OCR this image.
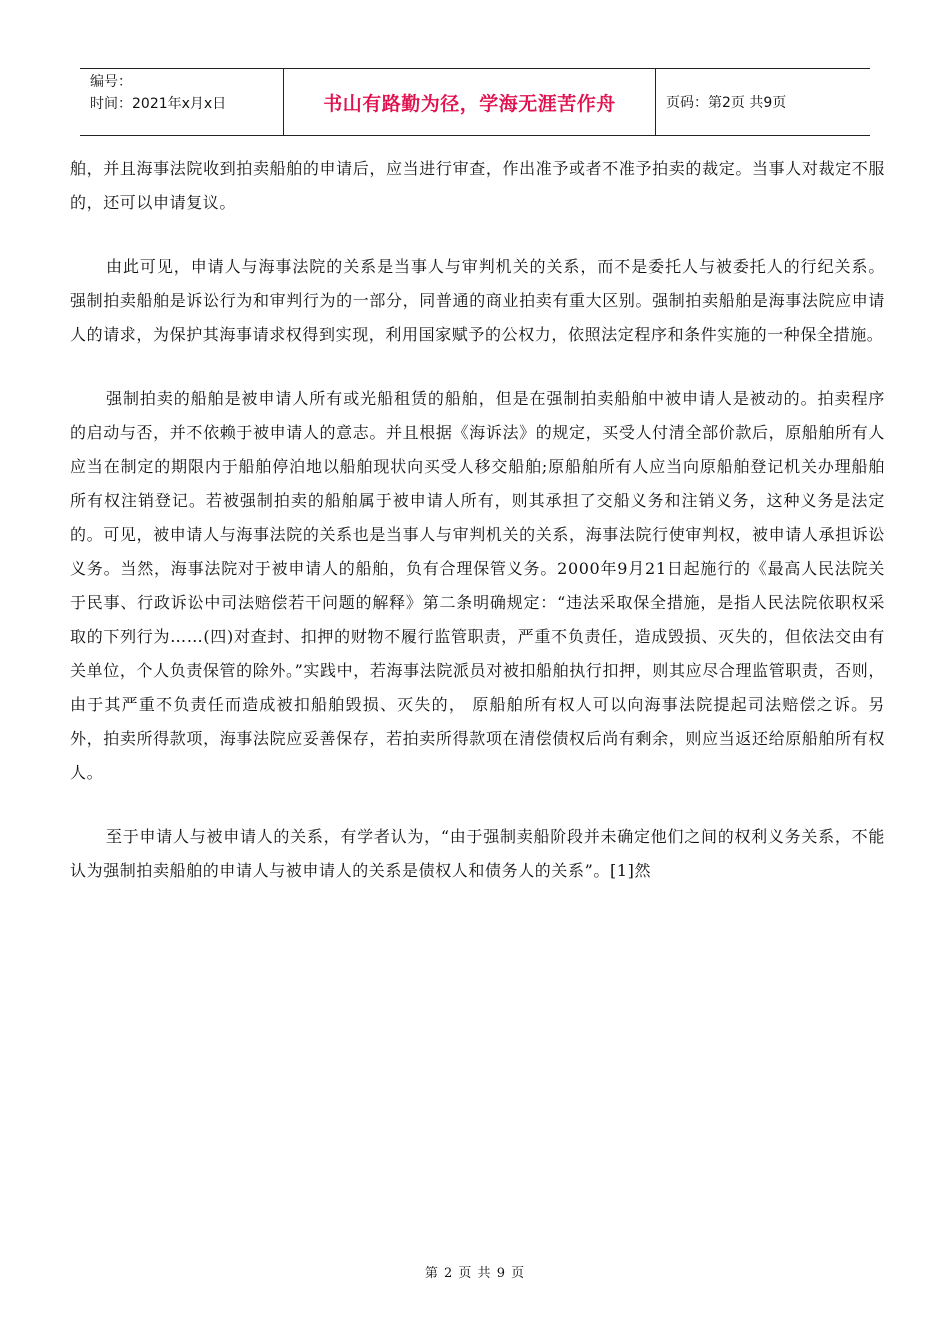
编号：
时间：2021年x月x日	书山有路勤为径，学海无涯苦作舟	页码：第2页 共9页

舶，并且海事法院收到拍卖船舶的申请后，应当进行审查，作出准予或者不准予拍卖的裁定。当事人对裁定不服的，还可以申请复议。

由此可见，申请人与海事法院的关系是当事人与审判机关的关系，而不是委托人与被委托人的行纪关系。强制拍卖船舶是诉讼行为和审判行为的一部分，同普通的商业拍卖有重大区别。强制拍卖船舶是海事法院应申请人的请求，为保护其海事请求权得到实现，利用国家赋予的公权力，依照法定程序和条件实施的一种保全措施。

强制拍卖的船舶是被申请人所有或光船租赁的船舶，但是在强制拍卖船舶中被申请人是被动的。拍卖程序的启动与否，并不依赖于被申请人的意志。并且根据《海诉法》的规定，买受人付清全部价款后，原船舶所有人应当在制定的期限内于船舶停泊地以船舶现状向买受人移交船舶;原船舶所有人应当向原船舶登记机关办理船舶所有权注销登记。若被强制拍卖的船舶属于被申请人所有，则其承担了交船义务和注销义务，这种义务是法定的。可见，被申请人与海事法院的关系也是当事人与审判机关的关系，海事法院行使审判权，被申请人承担诉讼义务。当然，海事法院对于被申请人的船舶，负有合理保管义务。2000年9月21日起施行的《最高人民法院关于民事、行政诉讼中司法赔偿若干问题的解释》第二条明确规定：“违法采取保全措施，是指人民法院依职权采取的下列行为……(四)对查封、扣押的财物不履行监管职责，严重不负责任，造成毁损、灭失的，但依法交由有关单位，个人负责保管的除外。”实践中，若海事法院派员对被扣船舶执行扣押，则其应尽合理监管职责，否则，由于其严重不负责任而造成被扣船舶毁损、灭失的， 原船舶所有权人可以向海事法院提起司法赔偿之诉。另外，拍卖所得款项，海事法院应妥善保存，若拍卖所得款项在清偿债权后尚有剩余，则应当返还给原船舶所有权人。

至于申请人与被申请人的关系，有学者认为，“由于强制卖船阶段并未确定他们之间的权利义务关系，不能认为强制拍卖船舶的申请人与被申请人的关系是债权人和债务人的关系”。[1]然

第 2 页 共 9 页
